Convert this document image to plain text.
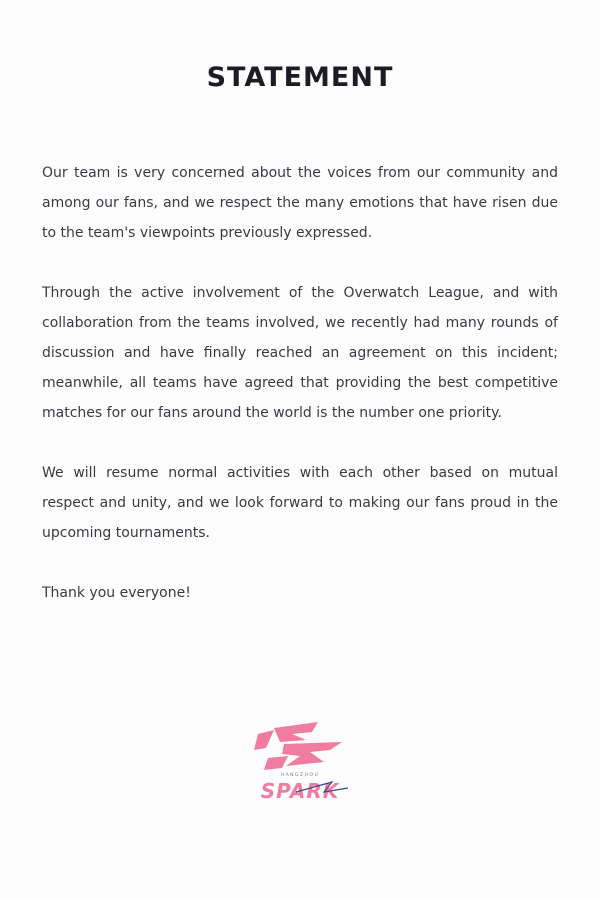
STATEMENT

Our team is very concerned about the voices from our community and among our fans, and we respect the many emotions that have risen due to the team's viewpoints previously expressed.

Through the active involvement of the Overwatch League, and with collaboration from the teams involved, we recently had many rounds of discussion and have finally reached an agreement on this incident; meanwhile, all teams have agreed that providing the best competitive matches for our fans around the world is the number one priority.

We will resume normal activities with each other based on mutual respect and unity, and we look forward to making our fans proud in the upcoming tournaments.

Thank you everyone!

HANGZHOU
SPARK
